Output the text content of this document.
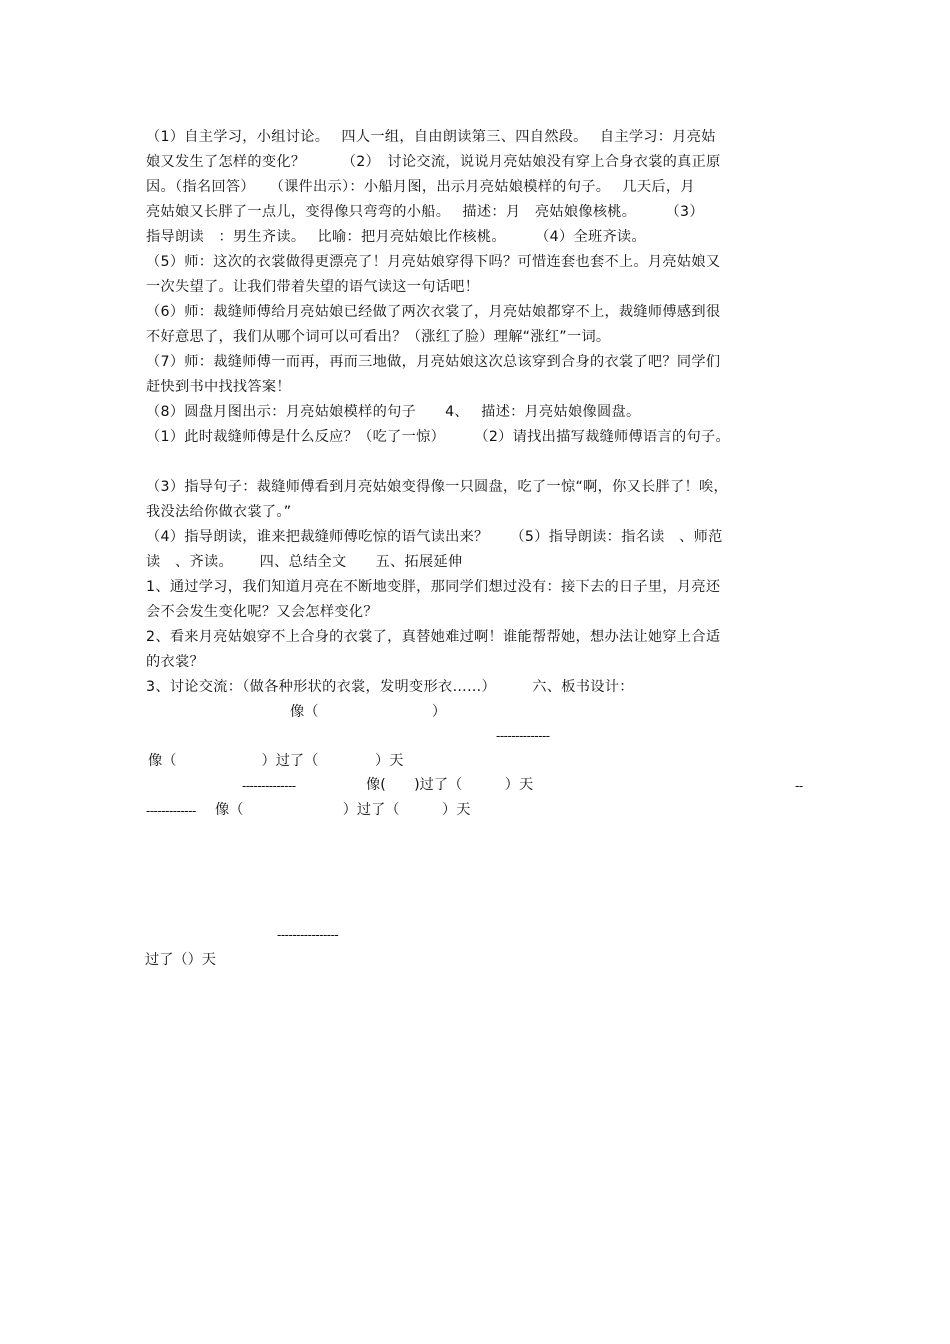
（1）自主学习，小组讨论。　 四人一组，自由朗读第三、四自然段。　 自主学习：月亮姑
娘又发生了怎样的变化？　　　（2）　讨论交流，说说月亮姑娘没有穿上合身衣裳的真正原
因。（指名回答）　　（课件出示）：小船月图，出示月亮姑娘模样的句子。　 几天后，月
亮姑娘又长胖了一点儿，变得像只弯弯的小船。　 描述：月　亮姑娘像核桃。　　　（3）
指导朗读　：男生齐读。　 比喻：把月亮姑娘比作核桃。　　　（4）全班齐读。
（5）师：这次的衣裳做得更漂亮了！月亮姑娘穿得下吗？可惜连套也套不上。月亮姑娘又
一次失望了。让我们带着失望的语气读这一句话吧！
（6）师：裁缝师傅给月亮姑娘已经做了两次衣裳了，月亮姑娘都穿不上，裁缝师傅感到很
不好意思了，我们从哪个词可以可看出？（涨红了脸）理解“涨红”一词。
（7）师：裁缝师傅一而再，再而三地做，月亮姑娘这次总该穿到合身的衣裳了吧？同学们
赶快到书中找找答案！
（8）圆盘月图出示：月亮姑娘模样的句子　　4、　 描述：月亮姑娘像圆盘。
（1）此时裁缝师傅是什么反应？（吃了一惊）　　　（2）请找出描写裁缝师傅语言的句子。
（3）指导句子：裁缝师傅看到月亮姑娘变得像一只圆盘，吃了一惊“啊，你又长胖了！唉，
我没法给你做衣裳了。”
（4）指导朗读，谁来把裁缝师傅吃惊的语气读出来？　　（5）指导朗读：指名读　、师范
读　、齐读。　　 四、总结全文　　五、拓展延伸
1、通过学习，我们知道月亮在不断地变胖，那同学们想过没有：接下去的日子里，月亮还
会不会发生变化呢？又会怎样变化？
2、看来月亮姑娘穿不上合身的衣裳了，真替她难过啊！谁能帮帮她，想办法让她穿上合适
的衣裳？
3、讨论交流：（做各种形状的衣裳，发明变形衣……）　　　六、板书设计：
像（　　　　　　　　）
--------------
像（　　　　　　）过了（　　　　）天
--------------	像(　　)过了（　　　）天	--
------------- 像（　　　　　　　）过了（　　　）天
----------------
过了（）天
